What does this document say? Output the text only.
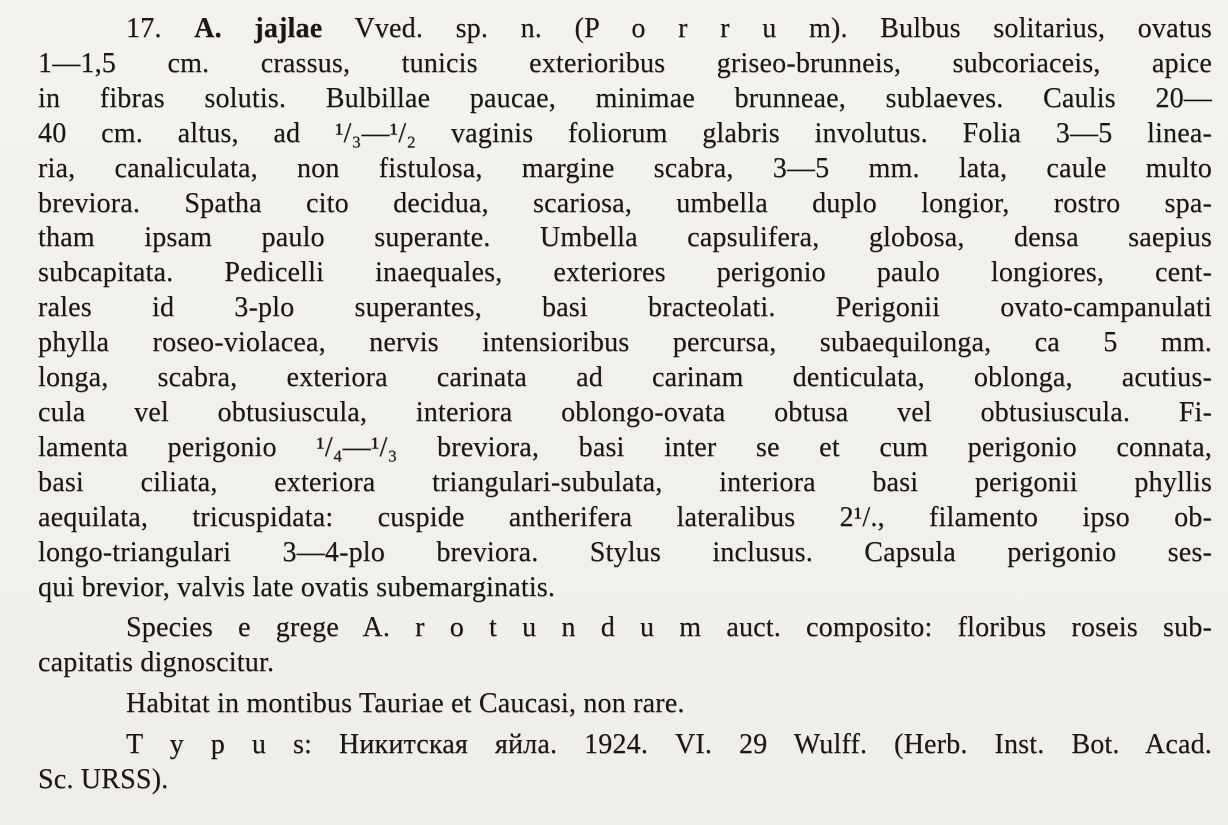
17. A. jajlae Vved. sp. n. (P o r r u m). Bulbus solitarius, ovatus
1—1,5 cm. crassus, tunicis exterioribus griseo-brunneis, subcoriaceis, apice
in fibras solutis. Bulbillae paucae, minimae brunneae, sublaeves. Caulis 20—
40 cm. altus, ad ¹/₃—¹/₂ vaginis foliorum glabris involutus. Folia 3—5 linea-
ria, canaliculata, non fistulosa, margine scabra, 3—5 mm. lata, caule multo
breviora. Spatha cito decidua, scariosa, umbella duplo longior, rostro spa-
tham ipsam paulo superante. Umbella capsulifera, globosa, densa saepius
subcapitata. Pedicelli inaequales, exteriores perigonio paulo longiores, cent-
rales id 3-plo superantes, basi bracteolati. Perigonii ovato-campanulati
phylla roseo-violacea, nervis intensioribus percursa, subaequilonga, ca 5 mm.
longa, scabra, exteriora carinata ad carinam denticulata, oblonga, acutius-
cula vel obtusiuscula, interiora oblongo-ovata obtusa vel obtusiuscula. Fi-
lamenta perigonio ¹/₄—¹/₃ breviora, basi inter se et cum perigonio connata,
basi ciliata, exteriora triangulari-subulata, interiora basi perigonii phyllis
aequilata, tricuspidata: cuspide antherifera lateralibus 2¹/., filamento ipso ob-
longo-triangulari 3—4-plo breviora. Stylus inclusus. Capsula perigonio ses-
qui brevior, valvis late ovatis subemarginatis.
Species e grege A. r o t u n d u m auct. composito: floribus roseis sub-
capitatis dignoscitur.
Habitat in montibus Tauriae et Caucasi, non rare.
T y p u s: Никитская яйла. 1924. VI. 29 Wulff. (Herb. Inst. Bot. Acad.
Sc. URSS).
